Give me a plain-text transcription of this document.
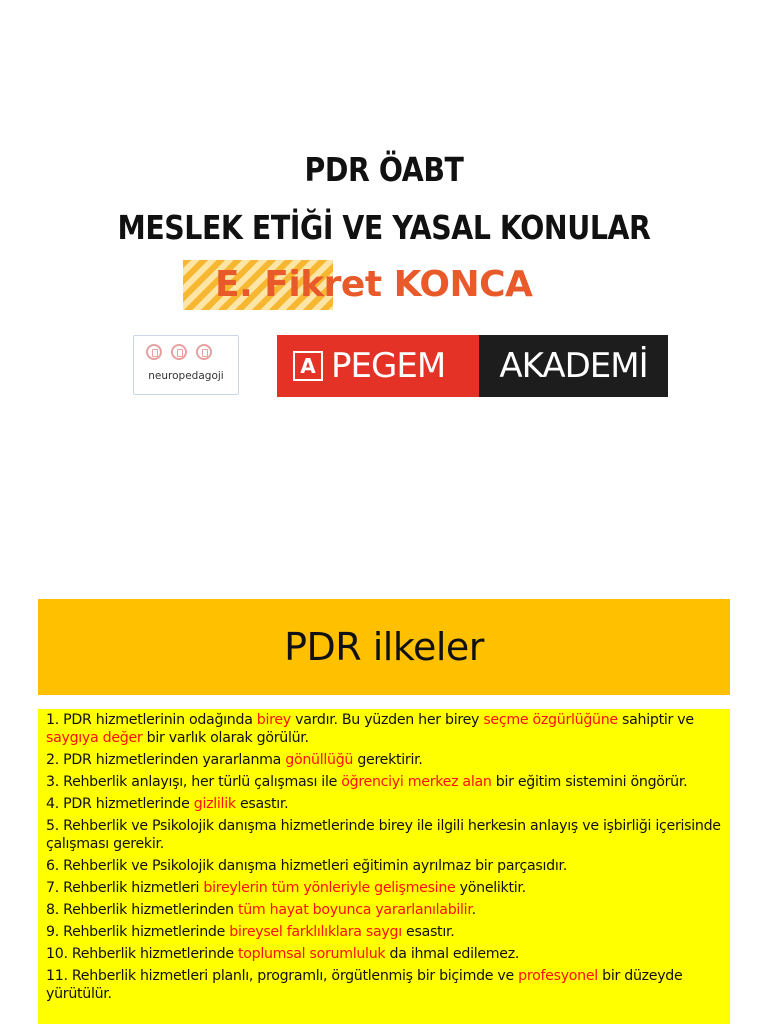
PDR ÖABT
MESLEK ETİĞİ VE YASAL KONULAR
E. Fikret KONCA
neuropedagoji	A PEGEM AKADEMİ
PDR ilkeler
1. PDR hizmetlerinin odağında birey vardır. Bu yüzden her birey seçme özgürlüğüne sahiptir ve saygıya değer bir varlık olarak görülür.
2. PDR hizmetlerinden yararlanma gönüllüğü gerektirir.
3. Rehberlik anlayışı, her türlü çalışması ile öğrenciyi merkez alan bir eğitim sistemini öngörür.
4. PDR hizmetlerinde gizlilik esastır.
5. Rehberlik ve Psikolojik danışma hizmetlerinde birey ile ilgili herkesin anlayış ve işbirliği içerisinde çalışması gerekir.
6. Rehberlik ve Psikolojik danışma hizmetleri eğitimin ayrılmaz bir parçasıdır.
7. Rehberlik hizmetleri bireylerin tüm yönleriyle gelişmesine yöneliktir.
8. Rehberlik hizmetlerinden tüm hayat boyunca yararlanılabilir.
9. Rehberlik hizmetlerinde bireysel farklılıklara saygı esastır.
10. Rehberlik hizmetlerinde toplumsal sorumluluk da ihmal edilemez.
11. Rehberlik hizmetleri planlı, programlı, örgütlenmiş bir biçimde ve profesyonel bir düzeyde yürütülür.
